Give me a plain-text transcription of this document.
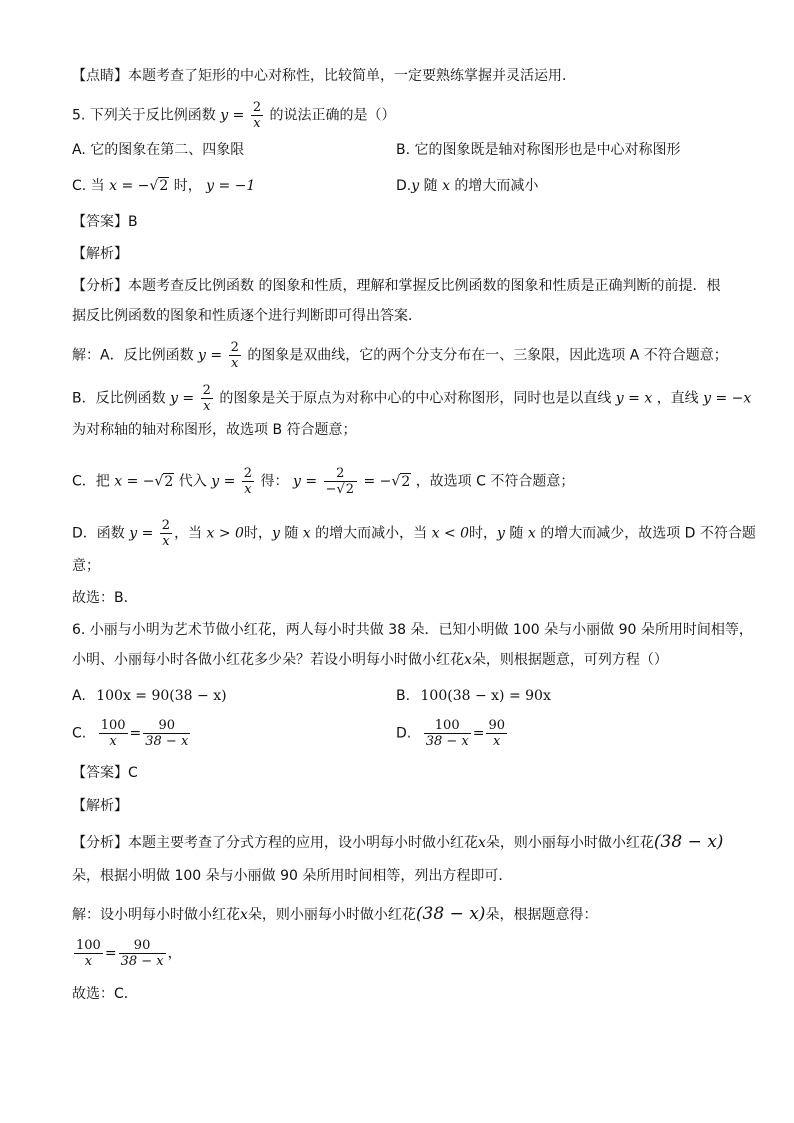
【点睛】本题考查了矩形的中心对称性，比较简单，一定要熟练掌握并灵活运用．
5. 下列关于反比例函数 $y = \frac{2}{x}$ 的说法正确的是（）
A. 它的图象在第二、四象限	B. 它的图象既是轴对称图形也是中心对称图形
C. 当 x = −√2 时， y = −1	D.y 随 x 的增大而减小
【答案】B
【解析】
【分析】本题考查反比例函数 的图象和性质，理解和掌握反比例函数的图象和性质是正确判断的前提．根
据反比例函数的图象和性质逐个进行判断即可得出答案．
解：A．反比例函数 $y = \frac{2}{x}$ 的图象是双曲线，它的两个分支分布在一、三象限，因此选项 A 不符合题意；
B．反比例函数 $y = \frac{2}{x}$ 的图象是关于原点为对称中心的中心对称图形，同时也是以直线 y = x ，直线 y = −x
为对称轴的轴对称图形，故选项 B 符合题意；
C．把 x = −√2 代入 $y = \frac{2}{x}$ 得： $y = \frac{2}{-√2} = -√2$ ，故选项 C 不符合题意；
D．函数 $y = \frac{2}{x}$ ，当 x > 0时，y 随 x 的增大而减小，当 x < 0时，y 随 x 的增大而减少，故选项 D 不符合题
意；
故选：B．
6. 小丽与小明为艺术节做小红花，两人每小时共做 38 朵．已知小明做 100 朵与小丽做 90 朵所用时间相等，
小明、小丽每小时各做小红花多少朵？若设小明每小时做小红花x朵，则根据题意，可列方程（）
A. 100x = 90(38 − x)	B. 100(38 − x) = 90x
C. $\frac{100}{x} = \frac{90}{38 - x}$	D. $\frac{100}{38 - x} = \frac{90}{x}$
【答案】C
【解析】
【分析】本题主要考查了分式方程的应用，设小明每小时做小红花x朵，则小丽每小时做小红花(38 − x)
朵，根据小明做 100 朵与小丽做 90 朵所用时间相等，列出方程即可．
解：设小明每小时做小红花x朵，则小丽每小时做小红花(38 − x)朵，根据题意得：
$\frac{100}{x} = \frac{90}{38 - x}$ ，
故选：C．
